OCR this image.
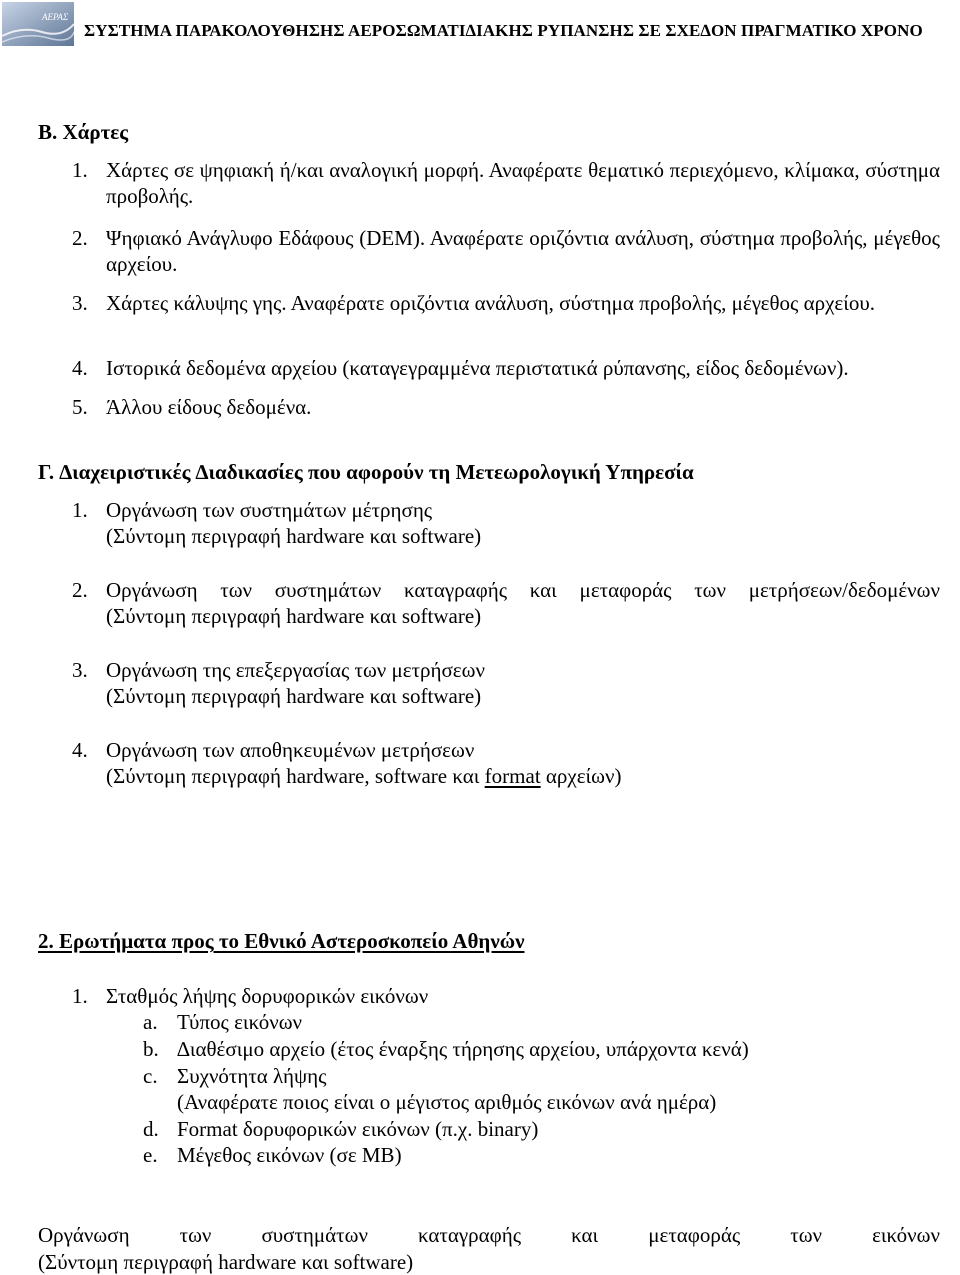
ΑΕΡΑΣ
ΣΥΣΤΗΜΑ ΠΑΡΑΚΟΛΟΥΘΗΣΗΣ ΑΕΡΟΣΩΜΑΤΙ∆ΙΑΚΗΣ ΡΥΠΑΝΣΗΣ ΣΕ ΣΧΕ∆ΟΝ ΠΡΑΓΜΑΤΙΚΟ ΧΡΟΝΟ
Β. Χάρτες
1. Χάρτες σε ψηφιακή ή/και αναλογική μορφή. Αναφέρατε θεματικό περιεχόμενο, κλίμακα, σύστημα προβολής.
2. Ψηφιακό Ανάγλυφο Εδάφους (DEM). Αναφέρατε οριζόντια ανάλυση, σύστημα προβολής, μέγεθος αρχείου.
3. Χάρτες κάλυψης γης. Αναφέρατε οριζόντια ανάλυση, σύστημα προβολής, μέγεθος αρχείου.
4. Ιστορικά δεδομένα αρχείου (καταγεγραμμένα περιστατικά ρύπανσης, είδος δεδομένων).
5. Άλλου είδους δεδομένα.
Γ. ∆ιαχειριστικές ∆ιαδικασίες που αφορούν τη Μετεωρολογική Υπηρεσία
1. Οργάνωση των συστημάτων μέτρησης
(Σύντομη περιγραφή hardware και software)
2. Οργάνωση των συστημάτων καταγραφής και μεταφοράς των μετρήσεων/δεδομένων
(Σύντομη περιγραφή hardware και software)
3. Οργάνωση της επεξεργασίας των μετρήσεων
(Σύντομη περιγραφή hardware και software)
4. Οργάνωση των αποθηκευμένων μετρήσεων
(Σύντομη περιγραφή hardware, software και format αρχείων)
2. Ερωτήματα προς το Εθνικό Αστεροσκοπείο Αθηνών
1. Σταθμός λήψης δορυφορικών εικόνων
a. Τύπος εικόνων
b. ∆ιαθέσιμο αρχείο (έτος έναρξης τήρησης αρχείου, υπάρχοντα κενά)
c. Συχνότητα λήψης
(Αναφέρατε ποιος είναι ο μέγιστος αριθμός εικόνων ανά ημέρα)
d. Format δορυφορικών εικόνων (π.χ. binary)
e. Μέγεθος εικόνων (σε ΜΒ)
Οργάνωση των συστημάτων καταγραφής και μεταφοράς των εικόνων
(Σύντομη περιγραφή hardware και software)
